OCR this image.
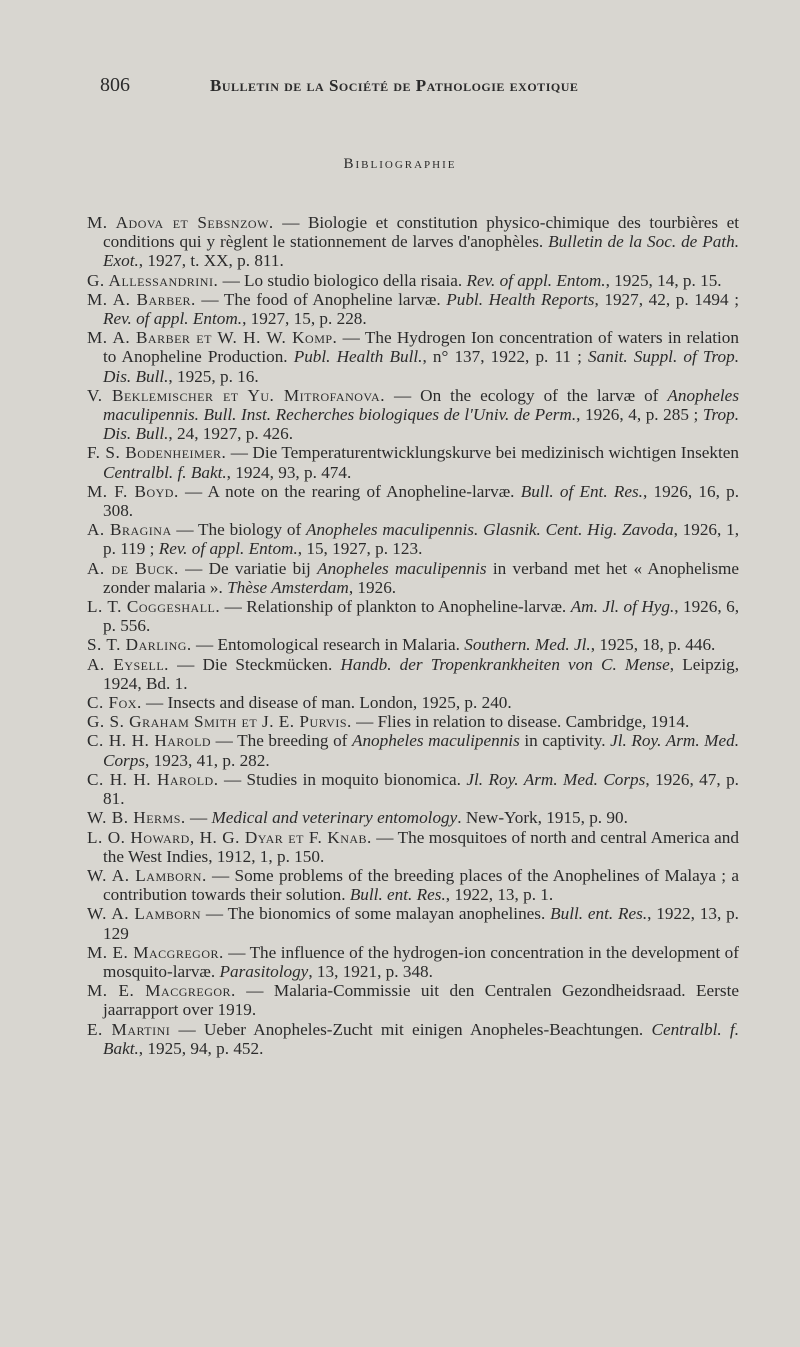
806	Bulletin de la Société de Pathologie exotique
Bibliographie

M. Adova et Sebsnzow. — Biologie et constitution physico-chimique des tourbières et conditions qui y règlent le stationnement de larves d'anophèles. Bulletin de la Soc. de Path. Exot., 1927, t. XX, p. 811.

G. Allessandrini. — Lo studio biologico della risaia. Rev. of appl. Entom., 1925, 14, p. 15.

M. A. Barber. — The food of Anopheline larvæ. Publ. Health Reports, 1927, 42, p. 1494 ; Rev. of appl. Entom., 1927, 15, p. 228.

M. A. Barber et W. H. W. Komp. — The Hydrogen Ion concentration of waters in relation to Anopheline Production. Publ. Health Bull., n° 137, 1922, p. 11 ; Sanit. Suppl. of Trop. Dis. Bull., 1925, p. 16.

V. Beklemischer et Yu. Mitrofanova. — On the ecology of the larvæ of Anopheles maculipennis. Bull. Inst. Recherches biologiques de l'Univ. de Perm., 1926, 4, p. 285 ; Trop. Dis. Bull., 24, 1927, p. 426.

F. S. Bodenheimer. — Die Temperaturentwicklungskurve bei medizinisch wichtigen Insekten Centralbl. f. Bakt., 1924, 93, p. 474.

M. F. Boyd. — A note on the rearing of Anopheline-larvæ. Bull. of Ent. Res., 1926, 16, p. 308.

A. Bragina — The biology of Anopheles maculipennis. Glasnik. Cent. Hig. Zavoda, 1926, 1, p. 119 ; Rev. of appl. Entom., 15, 1927, p. 123.

A. de Buck. — De variatie bij Anopheles maculipennis in verband met het « Anophelisme zonder malaria ». Thèse Amsterdam, 1926.

L. T. Coggeshall. — Relationship of plankton to Anopheline-larvæ. Am. Jl. of Hyg., 1926, 6, p. 556.

S. T. Darling. — Entomological research in Malaria. Southern. Med. Jl., 1925, 18, p. 446.

A. Eysell. — Die Steckmücken. Handb. der Tropenkrankheiten von C. Mense, Leipzig, 1924, Bd. 1.

C. Fox. — Insects and disease of man. London, 1925, p. 240.

G. S. Graham Smith et J. E. Purvis. — Flies in relation to disease. Cambridge, 1914.

C. H. H. Harold — The breeding of Anopheles maculipennis in captivity. Jl. Roy. Arm. Med. Corps, 1923, 41, p. 282.

C. H. H. Harold. — Studies in moquito bionomica. Jl. Roy. Arm. Med. Corps, 1926, 47, p. 81.

W. B. Herms. — Medical and veterinary entomology. New-York, 1915, p. 90.

L. O. Howard, H. G. Dyar et F. Knab. — The mosquitoes of north and central America and the West Indies, 1912, 1, p. 150.

W. A. Lamborn. — Some problems of the breeding places of the Anophelines of Malaya ; a contribution towards their solution. Bull. ent. Res., 1922, 13, p. 1.

W. A. Lamborn — The bionomics of some malayan anophelines. Bull. ent. Res., 1922, 13, p. 129

M. E. Macgregor. — The influence of the hydrogen-ion concentration in the development of mosquito-larvæ. Parasitology, 13, 1921, p. 348.

M. E. Macgregor. — Malaria-Commissie uit den Centralen Gezondheidsraad. Eerste jaarrapport over 1919.

E. Martini — Ueber Anopheles-Zucht mit einigen Anopheles-Beachtungen. Centralbl. f. Bakt., 1925, 94, p. 452.
